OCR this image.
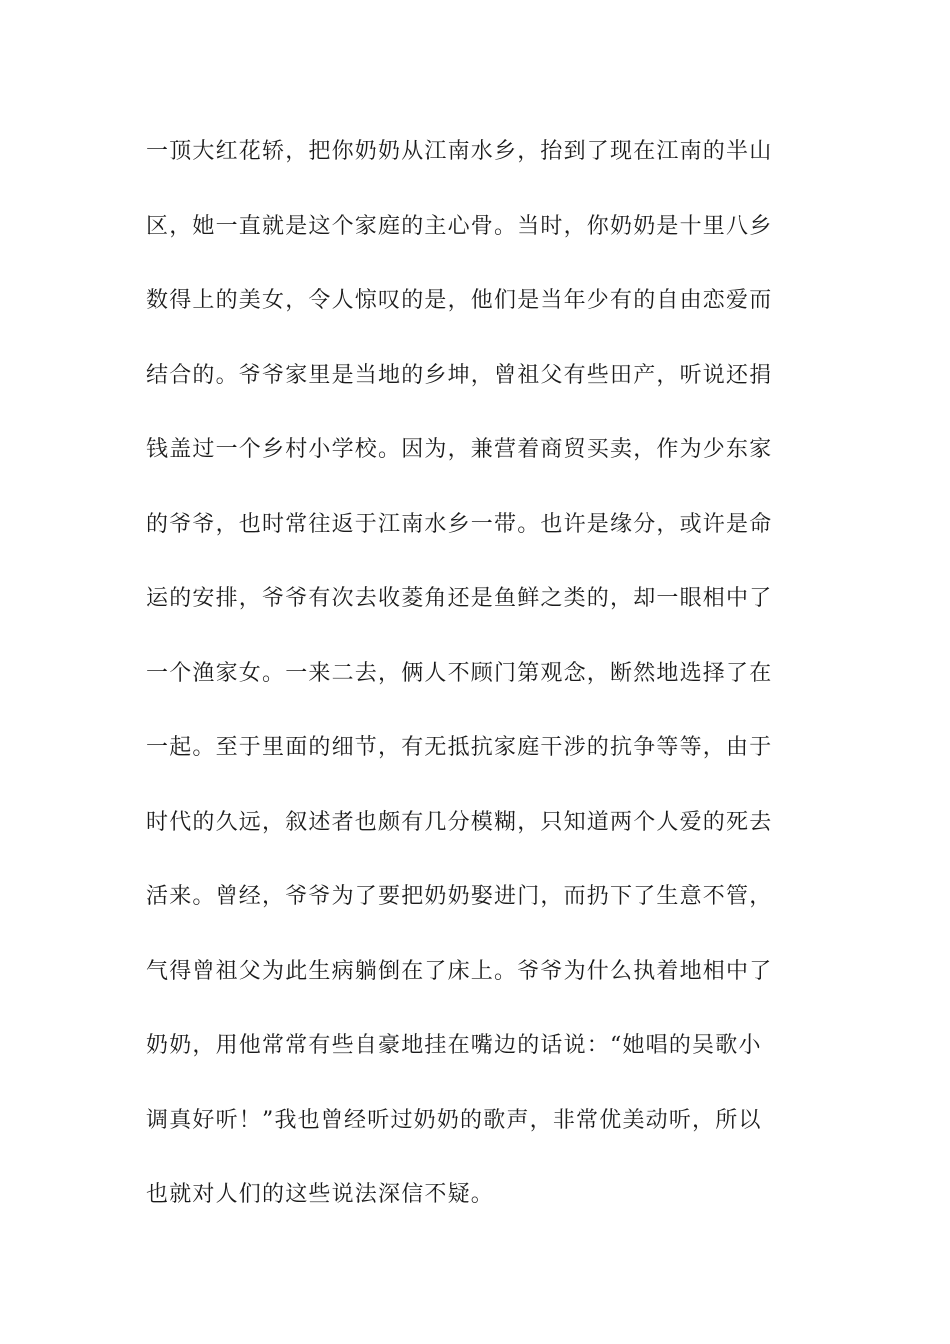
一顶大红花轿，把你奶奶从江南水乡，抬到了现在江南的半山
区，她一直就是这个家庭的主心骨。当时，你奶奶是十里八乡
数得上的美女，令人惊叹的是，他们是当年少有的自由恋爱而
结合的。爷爷家里是当地的乡坤，曾祖父有些田产，听说还捐
钱盖过一个乡村小学校。因为，兼营着商贸买卖，作为少东家
的爷爷，也时常往返于江南水乡一带。也许是缘分，或许是命
运的安排，爷爷有次去收菱角还是鱼鲜之类的，却一眼相中了
一个渔家女。一来二去，俩人不顾门第观念，断然地选择了在
一起。至于里面的细节，有无抵抗家庭干涉的抗争等等，由于
时代的久远，叙述者也颇有几分模糊，只知道两个人爱的死去
活来。曾经，爷爷为了要把奶奶娶进门，而扔下了生意不管，
气得曾祖父为此生病躺倒在了床上。爷爷为什么执着地相中了
奶奶，用他常常有些自豪地挂在嘴边的话说：“她唱的吴歌小
调真好听！”我也曾经听过奶奶的歌声，非常优美动听，所以
也就对人们的这些说法深信不疑。
